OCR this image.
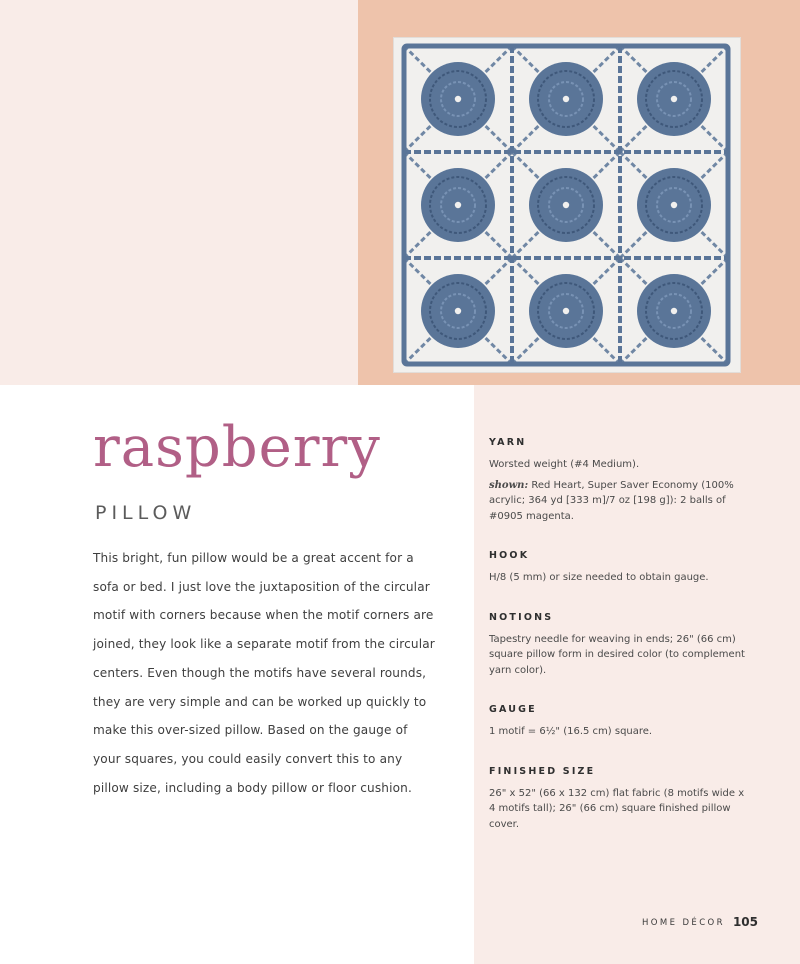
raspberry
PILLOW

This bright, fun pillow would be a great accent for a sofa or bed. I just love the juxtaposition of the circular motif with corners because when the motif corners are joined, they look like a separate motif from the circular centers. Even though the motifs have several rounds, they are very simple and can be worked up quickly to make this over-sized pillow. Based on the gauge of your squares, you could easily convert this to any pillow size, including a body pillow or floor cushion.

YARN

Worsted weight (#4 Medium).

shown: Red Heart, Super Saver Economy (100% acrylic; 364 yd [333 m]/7 oz [198 g]): 2 balls of #0905 magenta.

HOOK

H/8 (5 mm) or size needed to obtain gauge.

NOTIONS

Tapestry needle for weaving in ends; 26" (66 cm) square pillow form in desired color (to complement yarn color).

GAUGE

1 motif = 6½" (16.5 cm) square.

FINISHED SIZE

26" x 52" (66 x 132 cm) flat fabric (8 motifs wide x 4 motifs tall); 26" (66 cm) square finished pillow cover.

HOME DÉCOR 105
